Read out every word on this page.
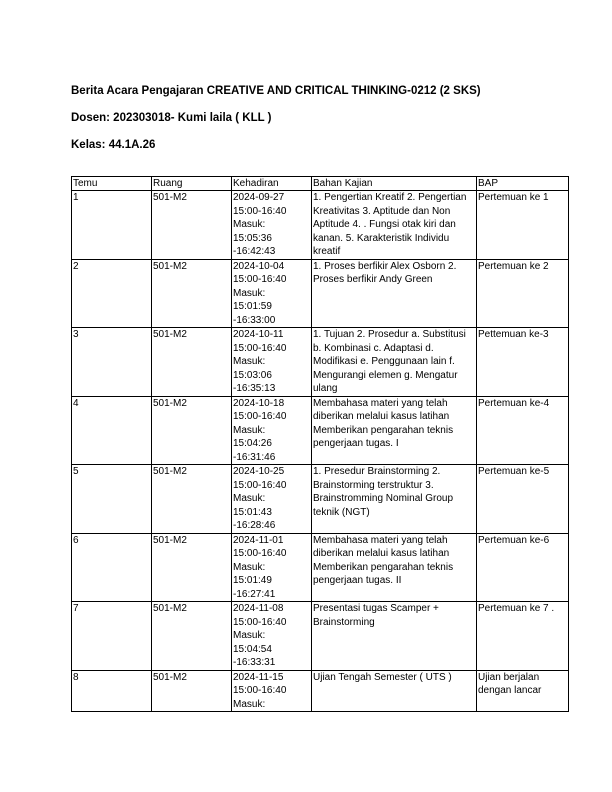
Berita Acara Pengajaran CREATIVE AND CRITICAL THINKING-0212 (2 SKS)
Dosen: 202303018- Kumi laila ( KLL )
Kelas: 44.1A.26
Temu	Ruang	Kehadiran	Bahan Kajian	BAP
1	501-M2	2024-09-27
15:00-16:40
Masuk:
15:05:36
-16:42:43	1. Pengertian Kreatif 2. Pengertian Kreativitas 3. Aptitude dan Non Aptitude 4. . Fungsi otak kiri dan kanan. 5. Karakteristik Individu kreatif	Pertemuan ke 1
2	501-M2	2024-10-04
15:00-16:40
Masuk:
15:01:59
-16:33:00	1. Proses berfikir Alex Osborn 2. Proses berfikir Andy Green	Pertemuan ke 2
3	501-M2	2024-10-11
15:00-16:40
Masuk:
15:03:06
-16:35:13	1. Tujuan 2. Prosedur a. Substitusi b. Kombinasi c. Adaptasi d. Modifikasi e. Penggunaan lain f. Mengurangi elemen g. Mengatur ulang	Pettemuan ke-3
4	501-M2	2024-10-18
15:00-16:40
Masuk:
15:04:26
-16:31:46	Membahasa materi yang telah diberikan melalui kasus latihan Memberikan pengarahan teknis pengerjaan tugas. I	Pertemuan ke-4
5	501-M2	2024-10-25
15:00-16:40
Masuk:
15:01:43
-16:28:46	1. Presedur Brainstorming 2. Brainstorming terstruktur 3. Brainstromming Nominal Group teknik (NGT)	Pertemuan ke-5
6	501-M2	2024-11-01
15:00-16:40
Masuk:
15:01:49
-16:27:41	Membahasa materi yang telah diberikan melalui kasus latihan Memberikan pengarahan teknis pengerjaan tugas. II	Pertemuan ke-6
7	501-M2	2024-11-08
15:00-16:40
Masuk:
15:04:54
-16:33:31	Presentasi tugas Scamper + Brainstorming	Pertemuan ke 7 .
8	501-M2	2024-11-15
15:00-16:40
Masuk:	Ujian Tengah Semester ( UTS )	Ujian berjalan dengan lancar
